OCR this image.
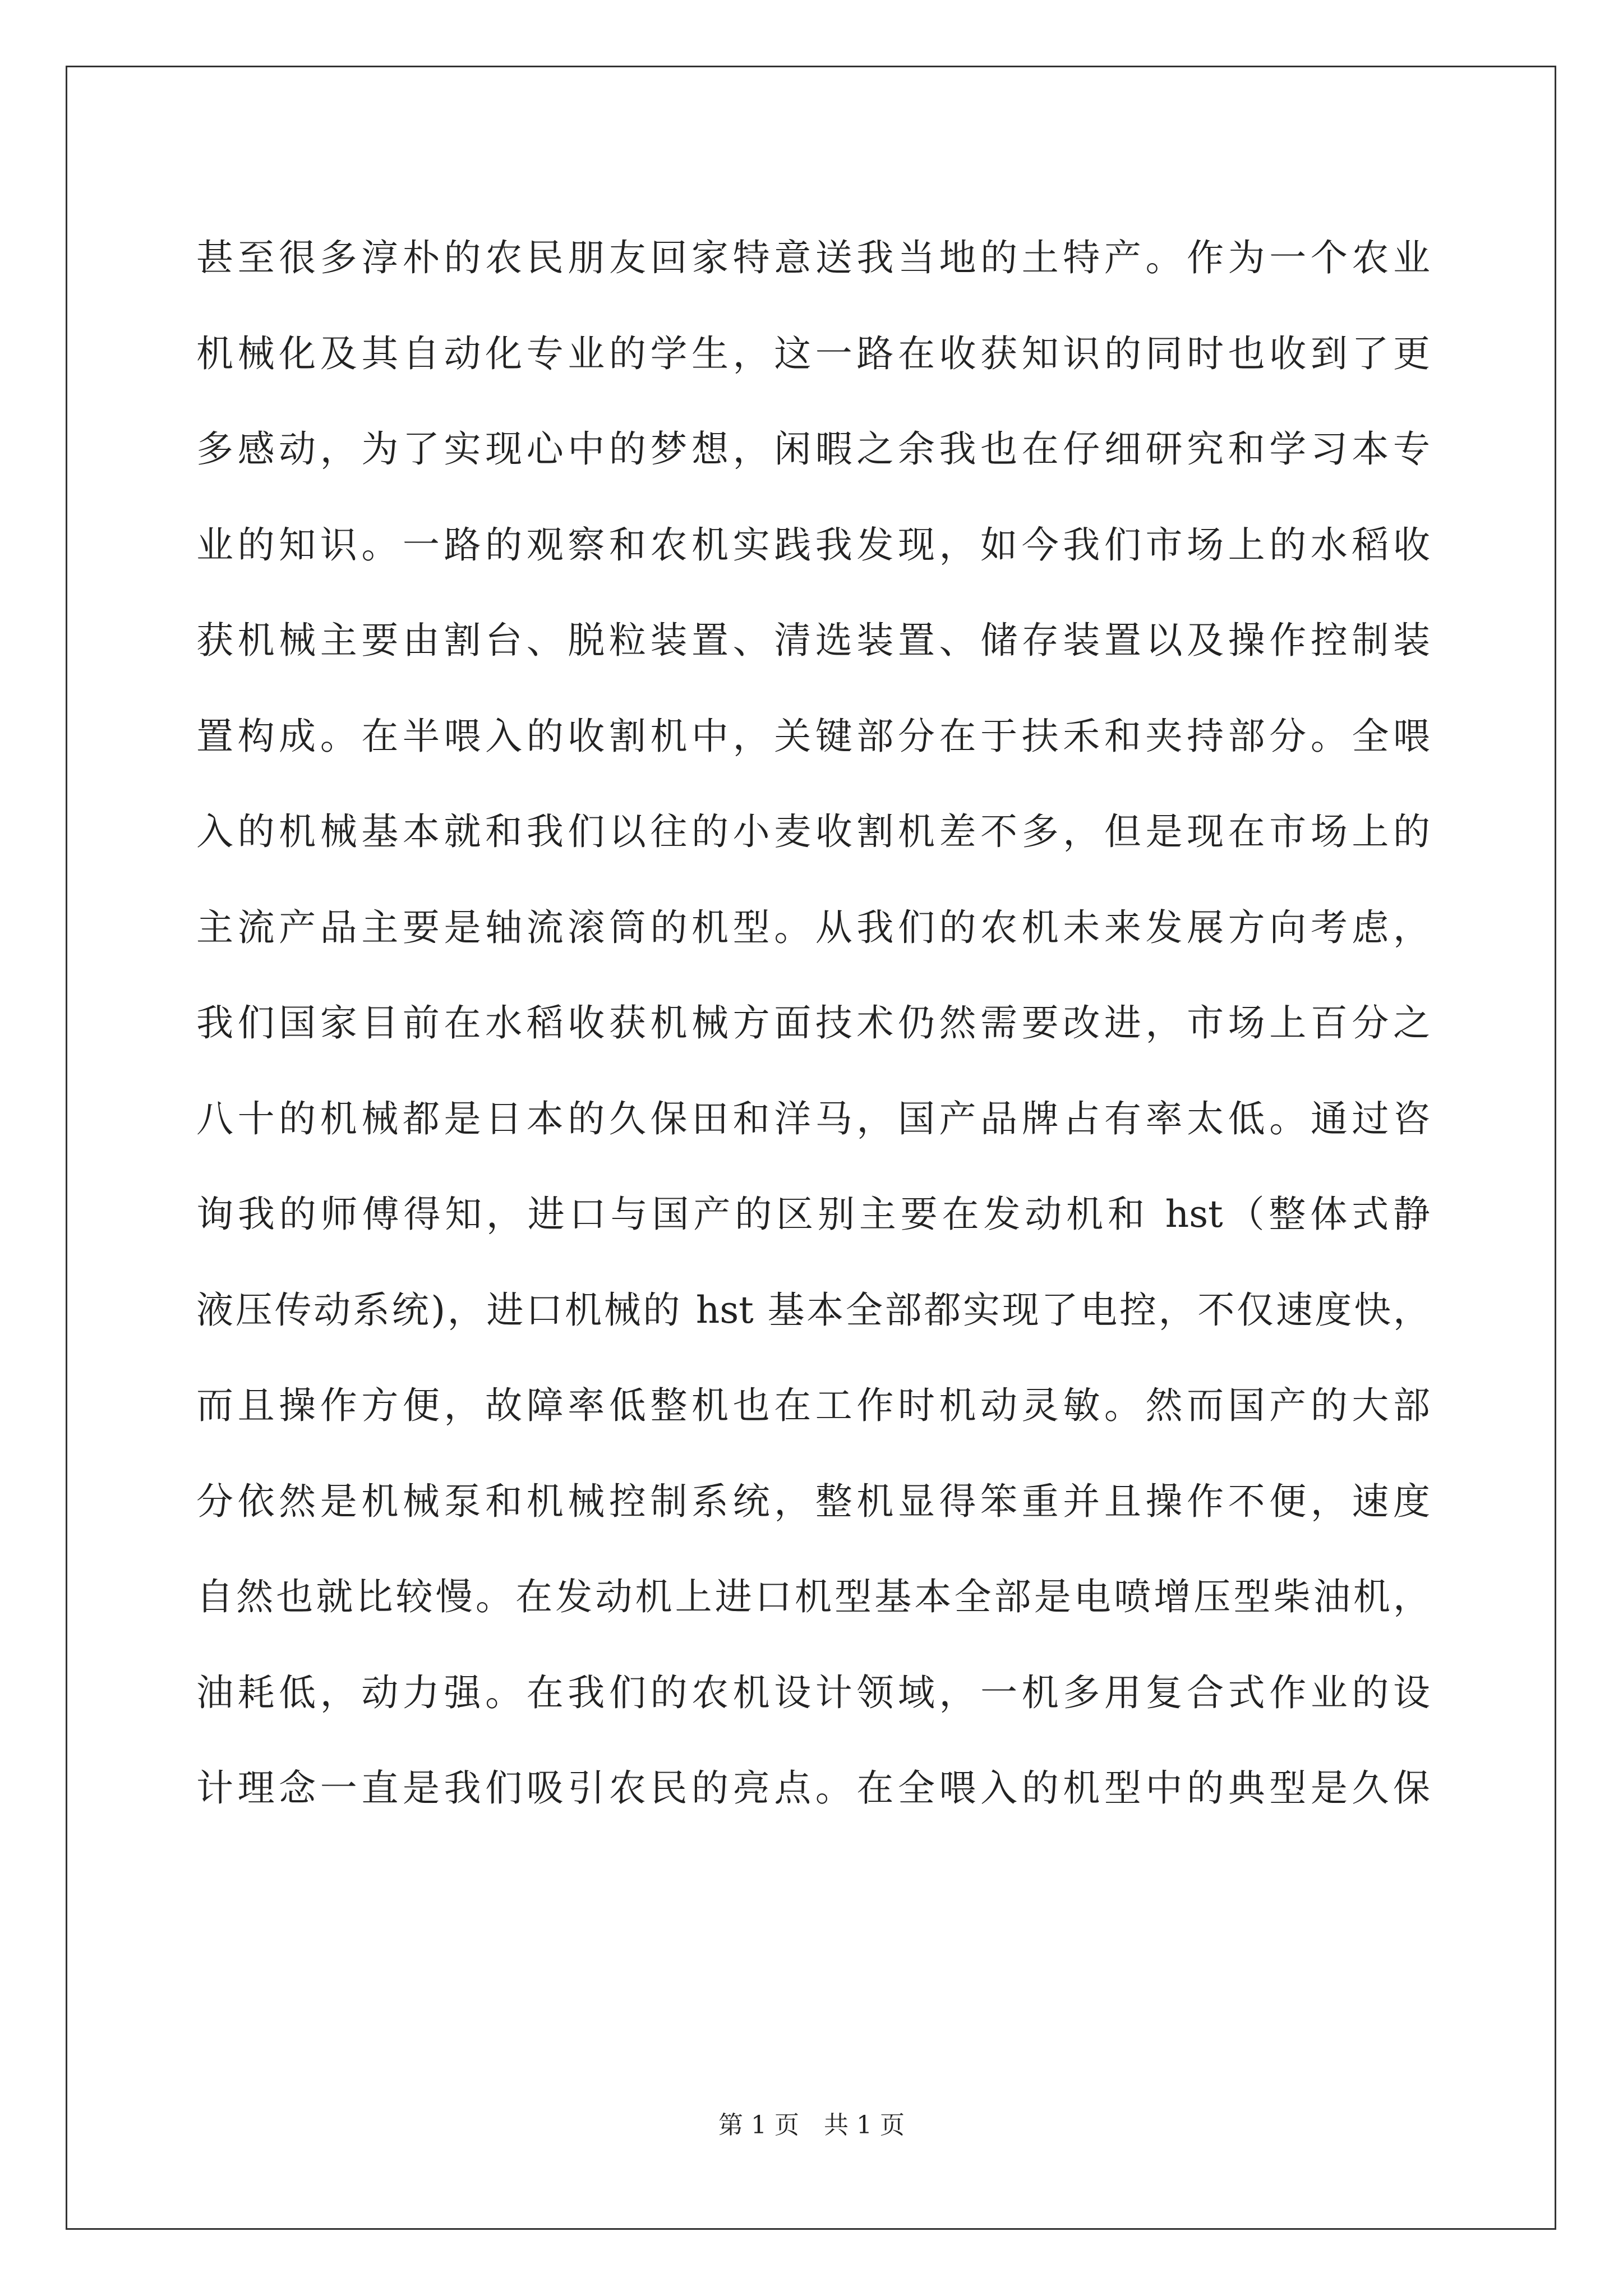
甚至很多淳朴的农民朋友回家特意送我当地的土特产。作为一个农业
机械化及其自动化专业的学生，这一路在收获知识的同时也收到了更
多感动，为了实现心中的梦想，闲暇之余我也在仔细研究和学习本专
业的知识。一路的观察和农机实践我发现，如今我们市场上的水稻收
获机械主要由割台、脱粒装置、清选装置、储存装置以及操作控制装
置构成。在半喂入的收割机中，关键部分在于扶禾和夹持部分。全喂
入的机械基本就和我们以往的小麦收割机差不多，但是现在市场上的
主流产品主要是轴流滚筒的机型。从我们的农机未来发展方向考虑，
我们国家目前在水稻收获机械方面技术仍然需要改进，市场上百分之
八十的机械都是日本的久保田和洋马，国产品牌占有率太低。通过咨
询我的师傅得知，进口与国产的区别主要在发动机和 hst（整体式静
液压传动系统)，进口机械的 hst 基本全部都实现了电控，不仅速度快，
而且操作方便，故障率低整机也在工作时机动灵敏。然而国产的大部
分依然是机械泵和机械控制系统，整机显得笨重并且操作不便，速度
自然也就比较慢。在发动机上进口机型基本全部是电喷增压型柴油机，
油耗低，动力强。在我们的农机设计领域，一机多用复合式作业的设
计理念一直是我们吸引农民的亮点。在全喂入的机型中的典型是久保
第 1 页　共 1 页
